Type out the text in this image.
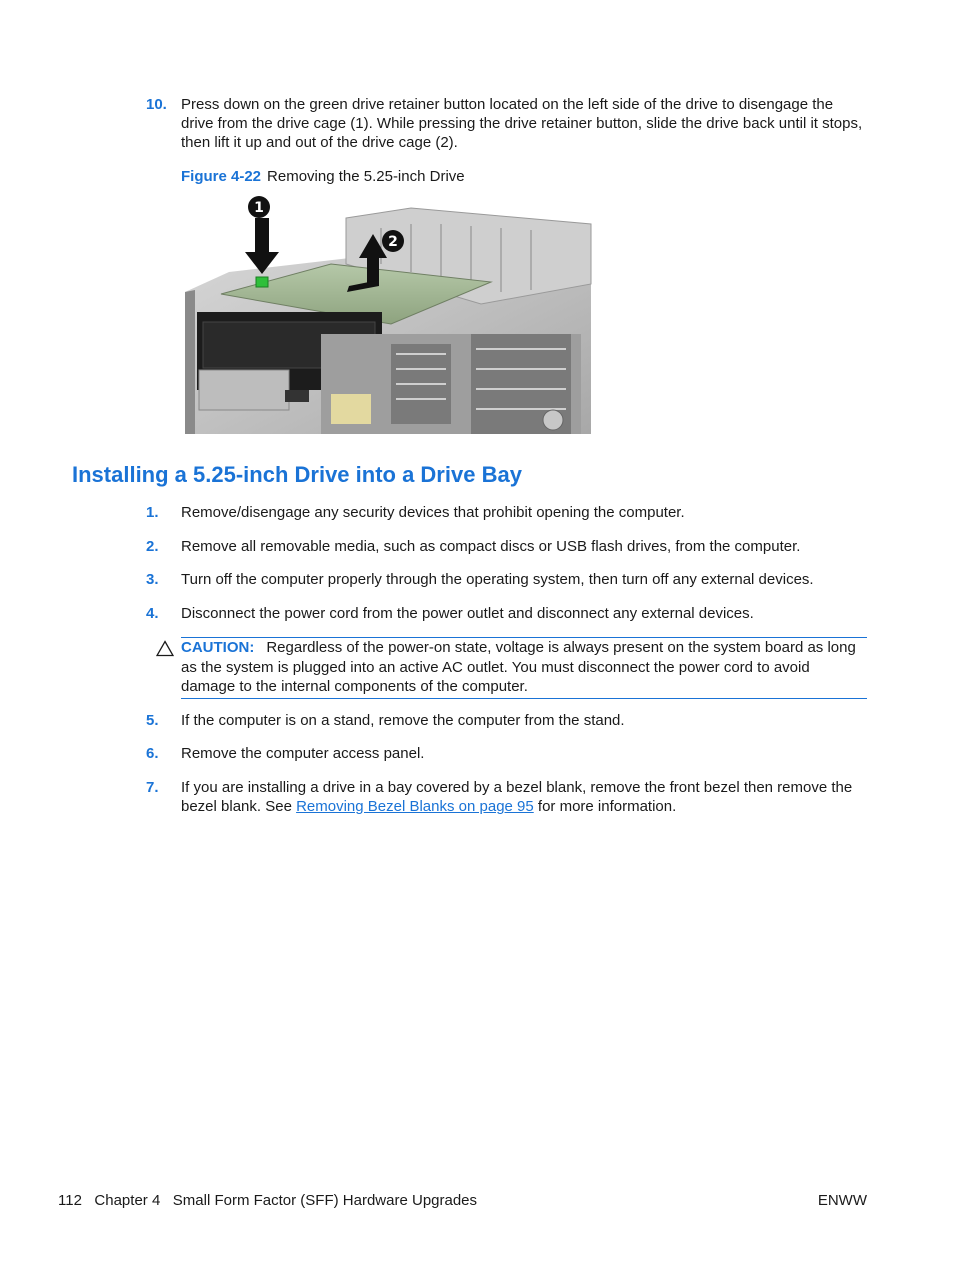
10. Press down on the green drive retainer button located on the left side of the drive to disengage the drive from the drive cage (1). While pressing the drive retainer button, slide the drive back until it stops, then lift it up and out of the drive cage (2).
Figure 4-22 Removing the 5.25-inch Drive
1
2
Installing a 5.25-inch Drive into a Drive Bay
1. Remove/disengage any security devices that prohibit opening the computer.
2. Remove all removable media, such as compact discs or USB flash drives, from the computer.
3. Turn off the computer properly through the operating system, then turn off any external devices.
4. Disconnect the power cord from the power outlet and disconnect any external devices.
CAUTION: Regardless of the power-on state, voltage is always present on the system board as long as the system is plugged into an active AC outlet. You must disconnect the power cord to avoid damage to the internal components of the computer.
5. If the computer is on a stand, remove the computer from the stand.
6. Remove the computer access panel.
7. If you are installing a drive in a bay covered by a bezel blank, remove the front bezel then remove the bezel blank. See Removing Bezel Blanks on page 95 for more information.
112   Chapter 4   Small Form Factor (SFF) Hardware Upgrades	ENWW
